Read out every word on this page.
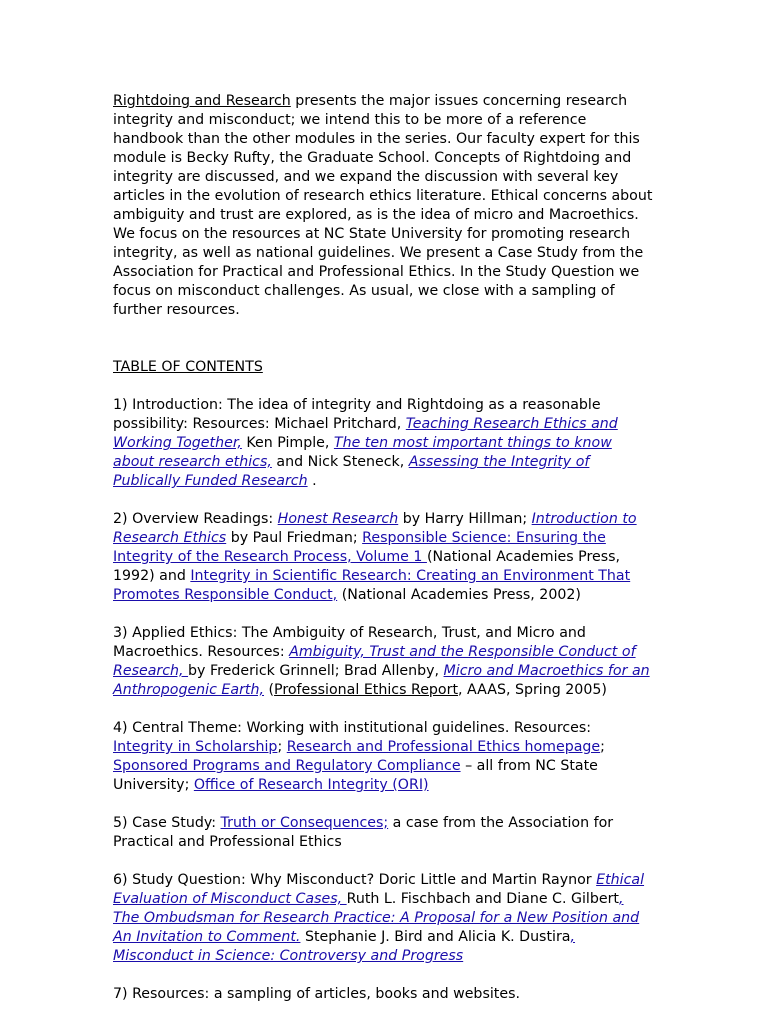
Rightdoing and Research presents the major issues concerning research integrity and misconduct; we intend this to be more of a reference handbook than the other modules in the series. Our faculty expert for this module is Becky Rufty, the Graduate School. Concepts of Rightdoing and integrity are discussed, and we expand the discussion with several key articles in the evolution of research ethics literature. Ethical concerns about ambiguity and trust are explored, as is the idea of micro and Macroethics. We focus on the resources at NC State University for promoting research integrity, as well as national guidelines. We present a Case Study from the Association for Practical and Professional Ethics. In the Study Question we focus on misconduct challenges. As usual, we close with a sampling of further resources.

TABLE OF CONTENTS

1) Introduction: The idea of integrity and Rightdoing as a reasonable possibility: Resources: Michael Pritchard, Teaching Research Ethics and Working Together, Ken Pimple, The ten most important things to know about research ethics, and Nick Steneck, Assessing the Integrity of Publically Funded Research .

2) Overview Readings: Honest Research by Harry Hillman; Introduction to Research Ethics by Paul Friedman; Responsible Science: Ensuring the Integrity of the Research Process, Volume 1 (National Academies Press, 1992) and Integrity in Scientific Research: Creating an Environment That Promotes Responsible Conduct, (National Academies Press, 2002)

3) Applied Ethics: The Ambiguity of Research, Trust, and Micro and Macroethics. Resources: Ambiguity, Trust and the Responsible Conduct of Research, by Frederick Grinnell; Brad Allenby, Micro and Macroethics for an Anthropogenic Earth, (Professional Ethics Report, AAAS, Spring 2005)

4) Central Theme: Working with institutional guidelines. Resources: Integrity in Scholarship; Research and Professional Ethics homepage; Sponsored Programs and Regulatory Compliance – all from NC State University; Office of Research Integrity (ORI)

5) Case Study: Truth or Consequences; a case from the Association for Practical and Professional Ethics

6) Study Question: Why Misconduct? Doric Little and Martin Raynor Ethical Evaluation of Misconduct Cases, Ruth L. Fischbach and Diane C. Gilbert, The Ombudsman for Research Practice: A Proposal for a New Position and An Invitation to Comment. Stephanie J. Bird and Alicia K. Dustira, Misconduct in Science: Controversy and Progress

7) Resources: a sampling of articles, books and websites.
